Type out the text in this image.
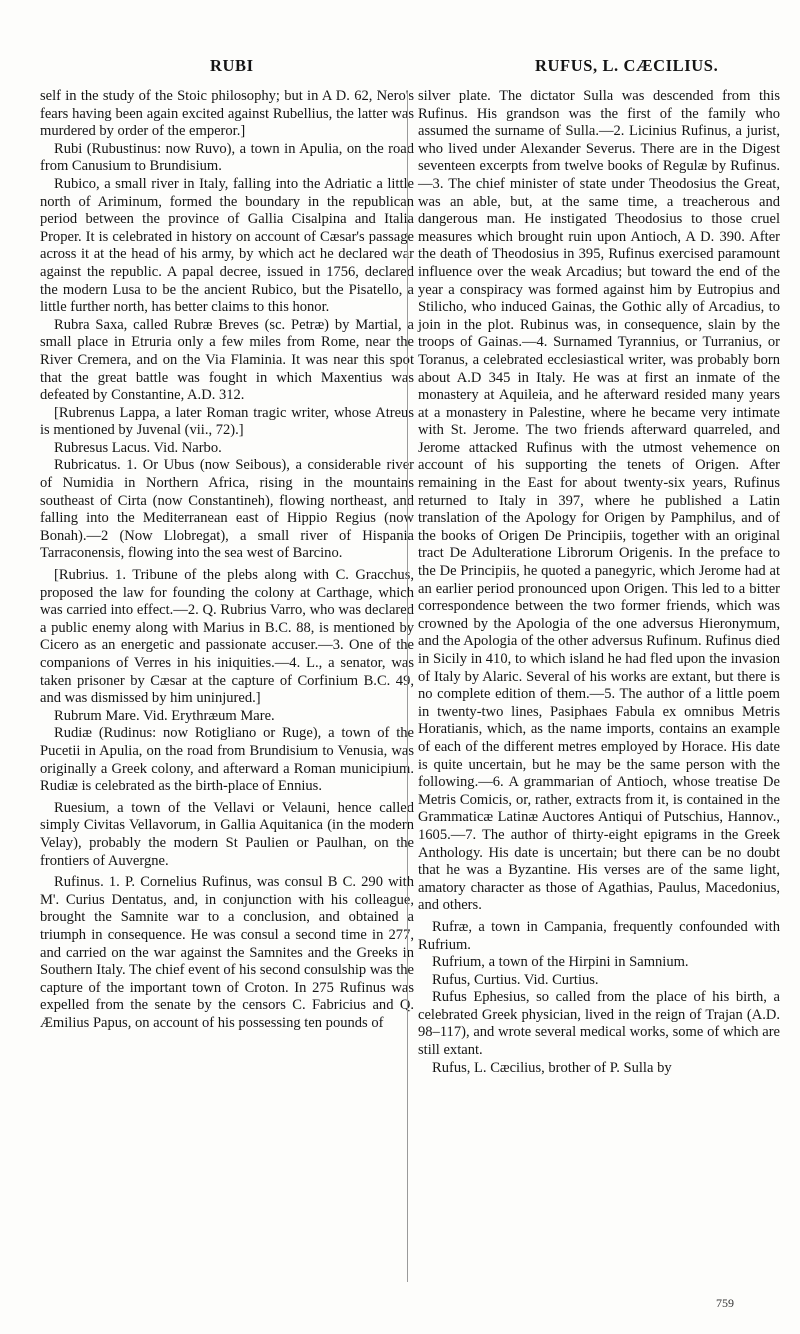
RUBI	RUFUS, L. CÆCILIUS.

self in the study of the Stoic philosophy; but in A D. 62, Nero's fears having been again excited against Rubellius, the latter was murdered by order of the emperor.]

Rubi (Rubustinus: now Ruvo), a town in Apulia, on the road from Canusium to Brundisium.

Rubico, a small river in Italy, falling into the Adriatic a little north of Ariminum, formed the boundary in the republican period between the province of Gallia Cisalpina and Italia Proper. It is celebrated in history on account of Cæsar's passage across it at the head of his army, by which act he declared war against the republic. A papal decree, issued in 1756, declared the modern Lusa to be the ancient Rubico, but the Pisatello, a little further north, has better claims to this honor.

Rubra Saxa, called Rubræ Breves (sc. Petræ) by Martial, a small place in Etruria only a few miles from Rome, near the River Cremera, and on the Via Flaminia. It was near this spot that the great battle was fought in which Maxentius was defeated by Constantine, A.D. 312.

[Rubrenus Lappa, a later Roman tragic writer, whose Atreus is mentioned by Juvenal (vii., 72).]

Rubresus Lacus. Vid. Narbo.

Rubricatus. 1. Or Ubus (now Seibous), a considerable river of Numidia in Northern Africa, rising in the mountains southeast of Cirta (now Constantineh), flowing northeast, and falling into the Mediterranean east of Hippio Regius (now Bonah).—2 (Now Llobregat), a small river of Hispania Tarraconensis, flowing into the sea west of Barcino.

[Rubrius. 1. Tribune of the plebs along with C. Gracchus, proposed the law for founding the colony at Carthage, which was carried into effect.—2. Q. Rubrius Varro, who was declared a public enemy along with Marius in B.C. 88, is mentioned by Cicero as an energetic and passionate accuser.—3. One of the companions of Verres in his iniquities.—4. L., a senator, was taken prisoner by Cæsar at the capture of Corfinium B.C. 49, and was dismissed by him uninjured.]

Rubrum Mare. Vid. Erythræum Mare.

Rudiæ (Rudinus: now Rotigliano or Ruge), a town of the Pucetii in Apulia, on the road from Brundisium to Venusia, was originally a Greek colony, and afterward a Roman municipium. Rudiæ is celebrated as the birth-place of Ennius.

Ruesium, a town of the Vellavi or Velauni, hence called simply Civitas Vellavorum, in Gallia Aquitanica (in the modern Velay), probably the modern St Paulien or Paulhan, on the frontiers of Auvergne.

Rufinus. 1. P. Cornelius Rufinus, was consul B C. 290 with M'. Curius Dentatus, and, in conjunction with his colleague, brought the Samnite war to a conclusion, and obtained a triumph in consequence. He was consul a second time in 277, and carried on the war against the Samnites and the Greeks in Southern Italy. The chief event of his second consulship was the capture of the important town of Croton. In 275 Rufinus was expelled from the senate by the censors C. Fabricius and Q. Æmilius Papus, on account of his possessing ten pounds of

silver plate. The dictator Sulla was descended from this Rufinus. His grandson was the first of the family who assumed the surname of Sulla.—2. Licinius Rufinus, a jurist, who lived under Alexander Severus. There are in the Digest seventeen excerpts from twelve books of Regulæ by Rufinus.—3. The chief minister of state under Theodosius the Great, was an able, but, at the same time, a treacherous and dangerous man. He instigated Theodosius to those cruel measures which brought ruin upon Antioch, A D. 390. After the death of Theodosius in 395, Rufinus exercised paramount influence over the weak Arcadius; but toward the end of the year a conspiracy was formed against him by Eutropius and Stilicho, who induced Gainas, the Gothic ally of Arcadius, to join in the plot. Rubinus was, in consequence, slain by the troops of Gainas.—4. Surnamed Tyrannius, or Turranius, or Toranus, a celebrated ecclesiastical writer, was probably born about A.D 345 in Italy. He was at first an inmate of the monastery at Aquileia, and he afterward resided many years at a monastery in Palestine, where he became very intimate with St. Jerome. The two friends afterward quarreled, and Jerome attacked Rufinus with the utmost vehemence on account of his supporting the tenets of Origen. After remaining in the East for about twenty-six years, Rufinus returned to Italy in 397, where he published a Latin translation of the Apology for Origen by Pamphilus, and of the books of Origen De Principiis, together with an original tract De Adulteratione Librorum Origenis. In the preface to the De Principiis, he quoted a panegyric, which Jerome had at an earlier period pronounced upon Origen. This led to a bitter correspondence between the two former friends, which was crowned by the Apologia of the one adversus Hieronymum, and the Apologia of the other adversus Rufinum. Rufinus died in Sicily in 410, to which island he had fled upon the invasion of Italy by Alaric. Several of his works are extant, but there is no complete edition of them.—5. The author of a little poem in twenty-two lines, Pasiphaes Fabula ex omnibus Metris Horatianis, which, as the name imports, contains an example of each of the different metres employed by Horace. His date is quite uncertain, but he may be the same person with the following.—6. A grammarian of Antioch, whose treatise De Metris Comicis, or, rather, extracts from it, is contained in the Grammaticæ Latinæ Auctores Antiqui of Putschius, Hannov., 1605.—7. The author of thirty-eight epigrams in the Greek Anthology. His date is uncertain; but there can be no doubt that he was a Byzantine. His verses are of the same light, amatory character as those of Agathias, Paulus, Macedonius, and others.

Rufræ, a town in Campania, frequently confounded with Rufrium.

Rufrium, a town of the Hirpini in Samnium.

Rufus, Curtius. Vid. Curtius.

Rufus Ephesius, so called from the place of his birth, a celebrated Greek physician, lived in the reign of Trajan (A.D. 98–117), and wrote several medical works, some of which are still extant.

Rufus, L. Cæcilius, brother of P. Sulla by

759
